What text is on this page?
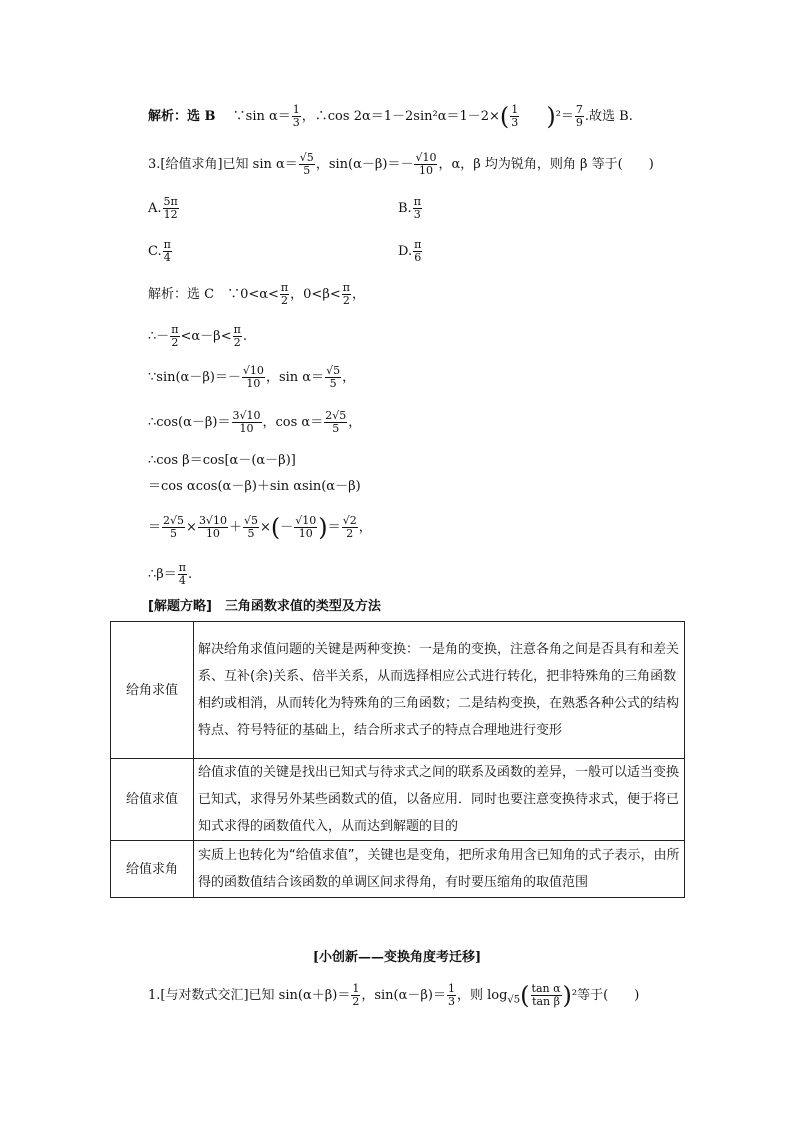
解析：选 B　 ∵sin $\alpha= \frac{1}{3}$ ，∴cos $2\alpha=1-2\sin^2\alpha=1-2\times( \frac{1}{3}$
　　 )$^2= \frac{7}{9}$ .故选 B.
3.[给值求角]已知 $\sin \alpha= \frac{√5}{5}$ ，$\sin(\alpha-\beta)=- \frac{√10}{10}$ ，α，β 均为锐角，则角 β 等于(　　)
A. $\frac{5\pi}{12}$	B. $\frac{\pi}{3}$
C. $\frac{\pi}{4}$	D. $\frac{\pi}{6}$
解析：选 C　∵0<α< $\frac{\pi}{2}$ ，$0<\beta< \frac{\pi}{2}$ ，
∴－ $\frac{\pi}{2} <\alpha-\beta< \frac{\pi}{2}$ .
∵sin(α－β)＝－ $\frac{√10}{10}$ ，$\sin \alpha= \frac{√5}{5}$ ，
∴cos(α－β)＝ $\frac{3√10}{10}$ ，$\cos \alpha= \frac{2√5}{5}$ ，
∴cos β＝cos[α－(α－β)]
＝cos αcos(α－β)＋sin αsin(α－β)
＝ $\frac{2√5}{5} \times \frac{3√10}{10} + \frac{√5}{5}$ ×(－ $\frac{√10}{10}$ )＝ $\frac{√2}{2}$ ，
∴β＝ $\frac{\pi}{4}$ .
[解题方略]　三角函数求值的类型及方法
给角求值	解决给角求值问题的关键是两种变换：一是角的变换，注意各角之间是否具有和差关系、互补(余)关系、倍半关系，从而选择相应公式进行转化，把非特殊角的三角函数相约或相消，从而转化为特殊角的三角函数；二是结构变换，在熟悉各种公式的结构特点、符号特征的基础上，结合所求式子的特点合理地进行变形
给值求值	给值求值的关键是找出已知式与待求式之间的联系及函数的差异，一般可以适当变换已知式，求得另外某些函数式的值，以备应用．同时也要注意变换待求式，便于将已知式求得的函数值代入，从而达到解题的目的
给值求角	实质上也转化为“给值求值”，关键也是变角，把所求角用含已知角的式子表示，由所得的函数值结合该函数的单调区间求得角，有时要压缩角的取值范围
[小创新——变换角度考迁移]
1.[与对数式交汇]已知 $\sin(\alpha+\beta)= \frac{1}{2}$ ，$\sin(\alpha-\beta)= \frac{1}{3}$ ，则 $\log_{√5}( \frac{\text{tan α}}{\text{tan β}} )^2$等于(　　)
